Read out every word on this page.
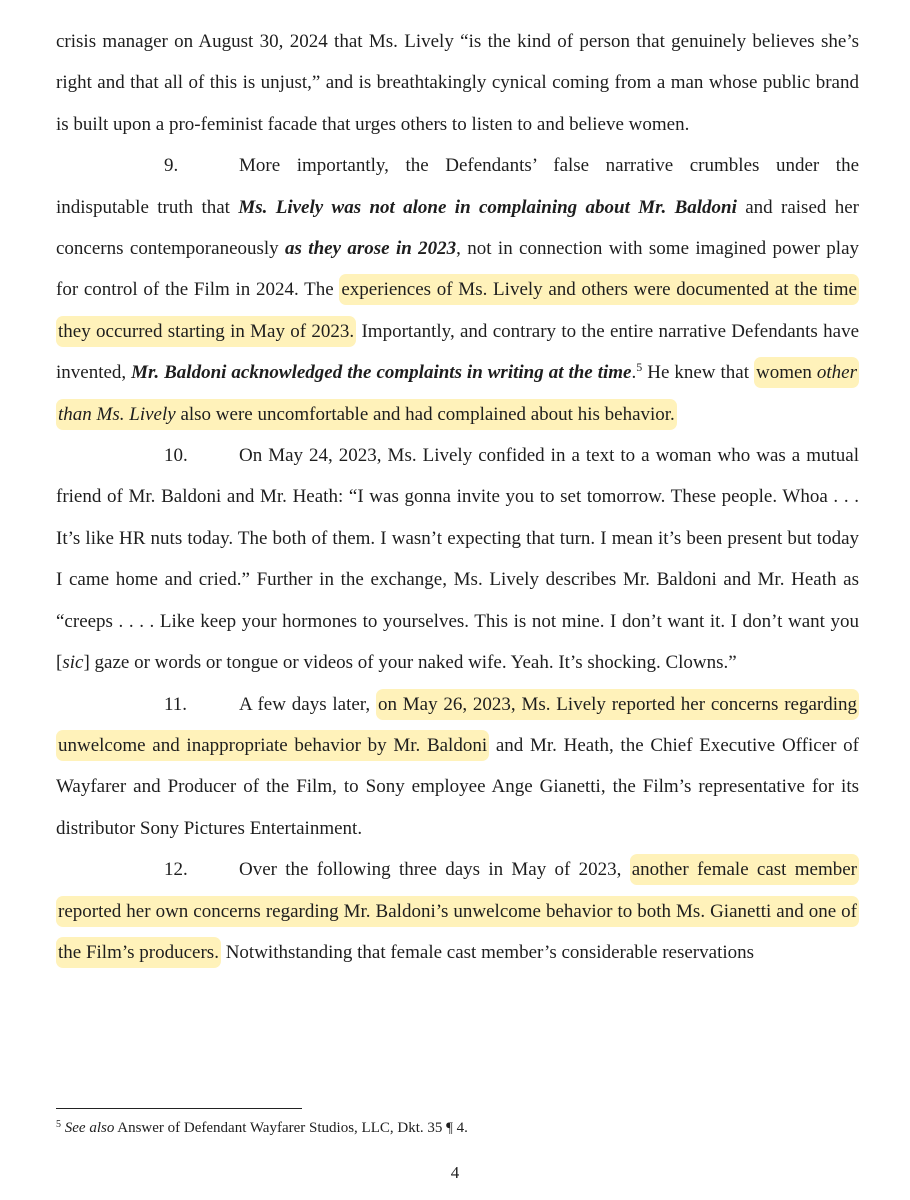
crisis manager on August 30, 2024 that Ms. Lively “is the kind of person that genuinely believes she’s right and that all of this is unjust,” and is breathtakingly cynical coming from a man whose public brand is built upon a pro-feminist facade that urges others to listen to and believe women.

9.	More importantly, the Defendants’ false narrative crumbles under the indisputable truth that Ms. Lively was not alone in complaining about Mr. Baldoni and raised her concerns contemporaneously as they arose in 2023, not in connection with some imagined power play for control of the Film in 2024. The experiences of Ms. Lively and others were documented at the time they occurred starting in May of 2023. Importantly, and contrary to the entire narrative Defendants have invented, Mr. Baldoni acknowledged the complaints in writing at the time.$^5$ He knew that women other than Ms. Lively also were uncomfortable and had complained about his behavior.

10.	On May 24, 2023, Ms. Lively confided in a text to a woman who was a mutual friend of Mr. Baldoni and Mr. Heath: “I was gonna invite you to set tomorrow. These people. Whoa . . . It’s like HR nuts today. The both of them. I wasn’t expecting that turn. I mean it’s been present but today I came home and cried.” Further in the exchange, Ms. Lively describes Mr. Baldoni and Mr. Heath as “creeps . . . . Like keep your hormones to yourselves. This is not mine. I don’t want it. I don’t want you [sic] gaze or words or tongue or videos of your naked wife. Yeah. It’s shocking. Clowns.”

11.	A few days later, on May 26, 2023, Ms. Lively reported her concerns regarding unwelcome and inappropriate behavior by Mr. Baldoni and Mr. Heath, the Chief Executive Officer of Wayfarer and Producer of the Film, to Sony employee Ange Gianetti, the Film’s representative for its distributor Sony Pictures Entertainment.

12.	Over the following three days in May of 2023, another female cast member reported her own concerns regarding Mr. Baldoni’s unwelcome behavior to both Ms. Gianetti and one of the Film’s producers. Notwithstanding that female cast member’s considerable reservations

$^5$ See also Answer of Defendant Wayfarer Studios, LLC, Dkt. 35 ¶ 4.
4
